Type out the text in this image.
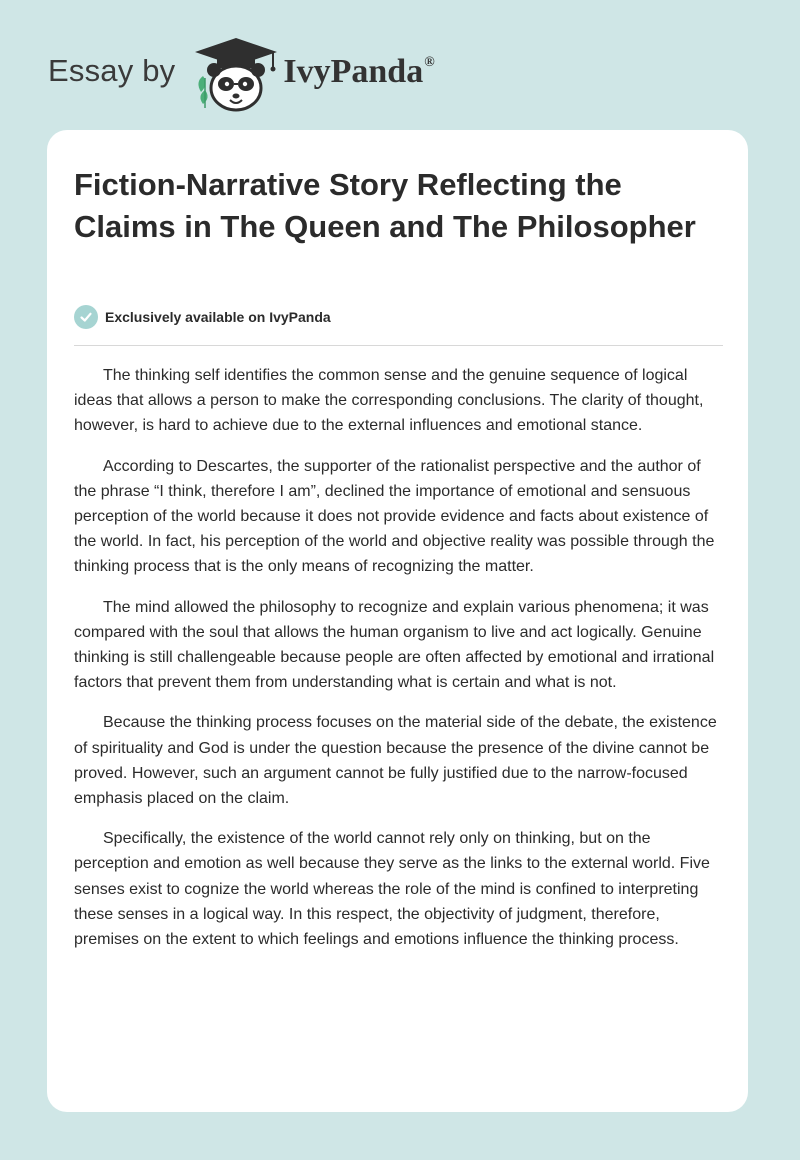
Essay by	IvyPanda®
Fiction-Narrative Story Reflecting the Claims in The Queen and The Philosopher
Exclusively available on IvyPanda

The thinking self identifies the common sense and the genuine sequence of logical ideas that allows a person to make the corresponding conclusions. The clarity of thought, however, is hard to achieve due to the external influences and emotional stance.

According to Descartes, the supporter of the rationalist perspective and the author of the phrase “I think, therefore I am”, declined the importance of emotional and sensuous perception of the world because it does not provide evidence and facts about existence of the world. In fact, his perception of the world and objective reality was possible through the thinking process that is the only means of recognizing the matter.

The mind allowed the philosophy to recognize and explain various phenomena; it was compared with the soul that allows the human organism to live and act logically. Genuine thinking is still challengeable because people are often affected by emotional and irrational factors that prevent them from understanding what is certain and what is not.

Because the thinking process focuses on the material side of the debate, the existence of spirituality and God is under the question because the presence of the divine cannot be proved. However, such an argument cannot be fully justified due to the narrow-focused emphasis placed on the claim.

Specifically, the existence of the world cannot rely only on thinking, but on the perception and emotion as well because they serve as the links to the external world. Five senses exist to cognize the world whereas the role of the mind is confined to interpreting these senses in a logical way. In this respect, the objectivity of judgment, therefore, premises on the extent to which feelings and emotions influence the thinking process.
